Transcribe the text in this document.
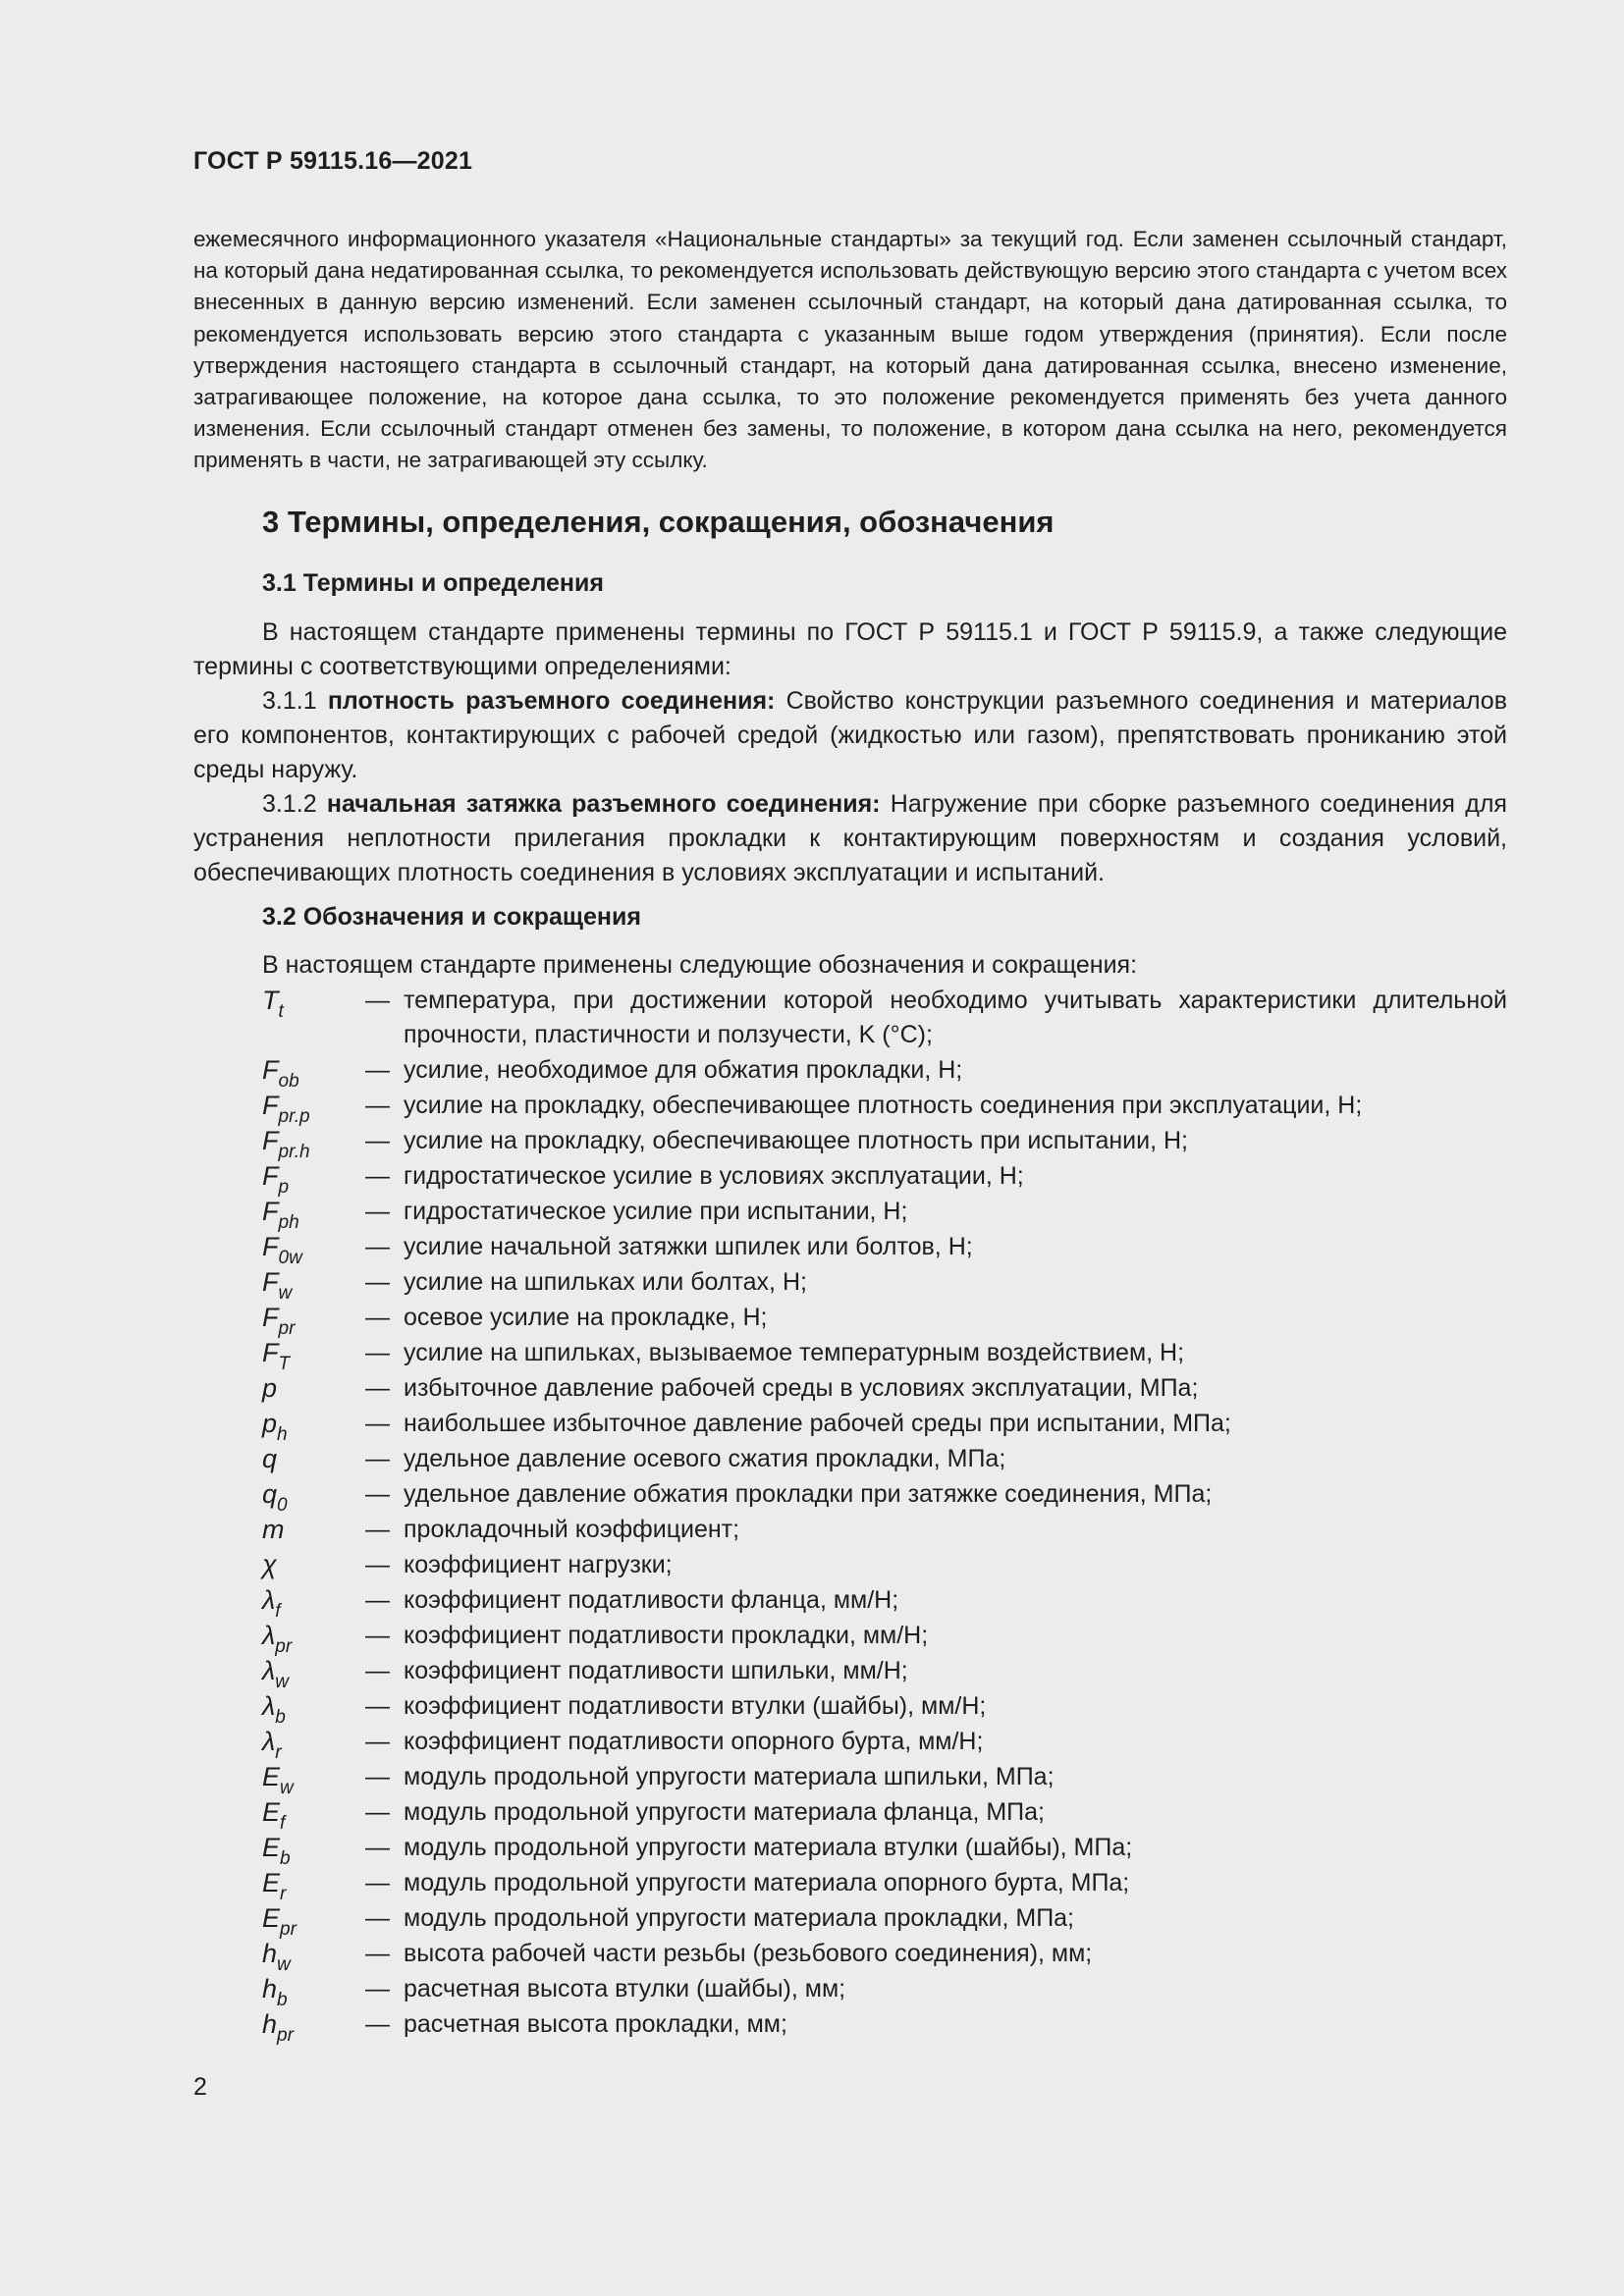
ГОСТ Р 59115.16—2021

ежемесячного информационного указателя «Национальные стандарты» за текущий год. Если заменен ссылочный стандарт, на который дана недатированная ссылка, то рекомендуется использовать действующую версию этого стандарта с учетом всех внесенных в данную версию изменений. Если заменен ссылочный стандарт, на который дана датированная ссылка, то рекомендуется использовать версию этого стандарта с указанным выше годом утверждения (принятия). Если после утверждения настоящего стандарта в ссылочный стандарт, на который дана датированная ссылка, внесено изменение, затрагивающее положение, на которое дана ссылка, то это положение рекомендуется применять без учета данного изменения. Если ссылочный стандарт отменен без замены, то положение, в котором дана ссылка на него, рекомендуется применять в части, не затрагивающей эту ссылку.

3 Термины, определения, сокращения, обозначения
3.1 Термины и определения

В настоящем стандарте применены термины по ГОСТ Р 59115.1 и ГОСТ Р 59115.9, а также следующие термины с соответствующими определениями:

3.1.1 плотность разъемного соединения: Свойство конструкции разъемного соединения и материалов его компонентов, контактирующих с рабочей средой (жидкостью или газом), препятствовать прониканию этой среды наружу.

3.1.2 начальная затяжка разъемного соединения: Нагружение при сборке разъемного соединения для устранения неплотности прилегания прокладки к контактирующим поверхностям и создания условий, обеспечивающих плотность соединения в условиях эксплуатации и испытаний.

3.2 Обозначения и сокращения

В настоящем стандарте применены следующие обозначения и сокращения:

$T_t$	— температура, при достижении которой необходимо учитывать характеристики длительной прочности, пластичности и ползучести, K (°C);
$F_{ob}$	— усилие, необходимое для обжатия прокладки, Н;
$F_{pr.p}$ — усилие на прокладку, обеспечивающее плотность соединения при эксплуатации, Н;
$F_{pr.h}$ — усилие на прокладку, обеспечивающее плотность при испытании, Н;
$F_p$	— гидростатическое усилие в условиях эксплуатации, Н;
$F_{ph}$	— гидростатическое усилие при испытании, Н;
$F_{0w}$	— усилие начальной затяжки шпилек или болтов, Н;
$F_w$	— усилие на шпильках или болтах, Н;
$F_{pr}$	— осевое усилие на прокладке, Н;
$F_T$	— усилие на шпильках, вызываемое температурным воздействием, Н;
p	— избыточное давление рабочей среды в условиях эксплуатации, МПа;
$p_h$	— наибольшее избыточное давление рабочей среды при испытании, МПа;
q	— удельное давление осевого сжатия прокладки, МПа;
$q_0$	— удельное давление обжатия прокладки при затяжке соединения, МПа;
m	— прокладочный коэффициент;
χ	— коэффициент нагрузки;
$\lambda_f$	— коэффициент податливости фланца, мм/Н;
$\lambda_{pr}$	— коэффициент податливости прокладки, мм/Н;
$\lambda_w$	— коэффициент податливости шпильки, мм/Н;
$\lambda_b$	— коэффициент податливости втулки (шайбы), мм/Н;
$\lambda_r$	— коэффициент податливости опорного бурта, мм/Н;
$E_w$	— модуль продольной упругости материала шпильки, МПа;
$E_f$	— модуль продольной упругости материала фланца, МПа;
$E_b$	— модуль продольной упругости материала втулки (шайбы), МПа;
$E_r$	— модуль продольной упругости материала опорного бурта, МПа;
$E_{pr}$	— модуль продольной упругости материала прокладки, МПа;
$h_w$	— высота рабочей части резьбы (резьбового соединения), мм;
$h_b$	— расчетная высота втулки (шайбы), мм;
$h_{pr}$	— расчетная высота прокладки, мм;
2
